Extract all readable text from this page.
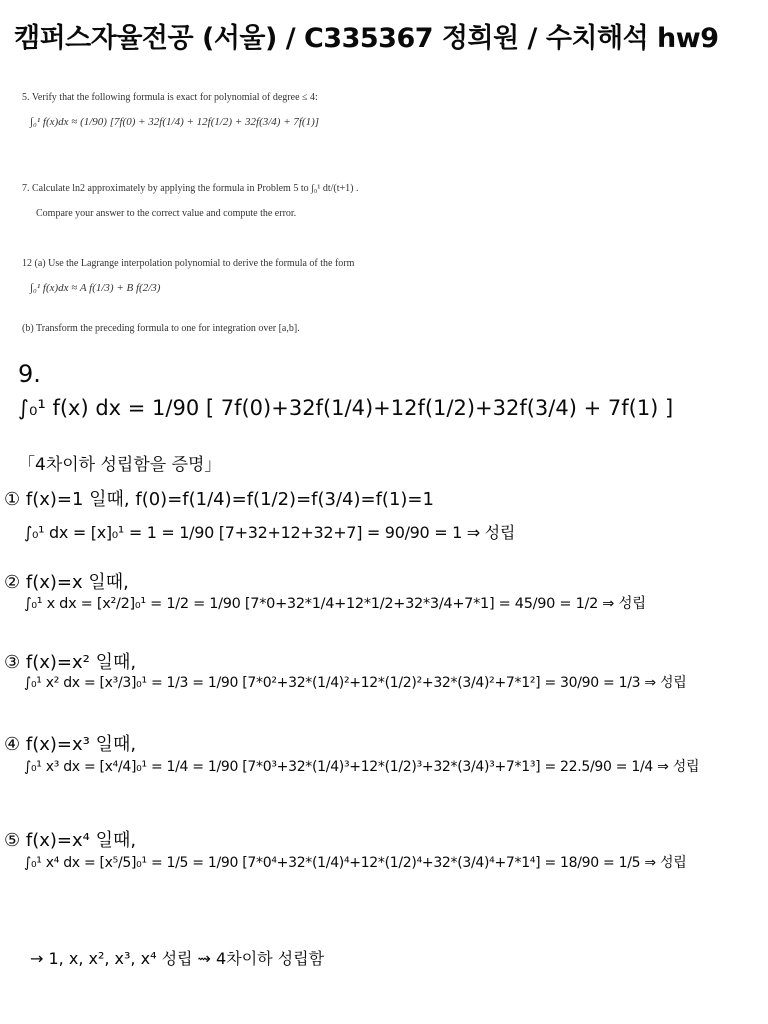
캠퍼스자율전공 (서울) / C335367 정희원 / 수치해석 hw9
5. Verify that the following formula is exact for polynomial of degree ≤ 4:
∫₀¹ f(x)dx ≈ (1/90) [7f(0) + 32f(1/4) + 12f(1/2) + 32f(3/4) + 7f(1)]
7. Calculate ln2 approximately by applying the formula in Problem 5 to ∫₀¹ dt/(t+1) .
Compare your answer to the correct value and compute the error.
12 (a) Use the Lagrange interpolation polynomial to derive the formula of the form
∫₀¹ f(x)dx ≈ A f(1/3) + B f(2/3)
(b) Transform the preceding formula to one for integration over [a,b].
9.
∫₀¹ f(x) dx = 1/90 [ 7f(0)+32f(1/4)+12f(1/2)+32f(3/4) + 7f(1) ]
「4차이하 성립함을 증명」
① f(x)=1 일때, f(0)=f(1/4)=f(1/2)=f(3/4)=f(1)=1
∫₀¹ dx = [x]₀¹ = 1 = 1/90 [7+32+12+32+7] = 90/90 = 1 ⇒ 성립
② f(x)=x 일때,
∫₀¹ x dx = [x²/2]₀¹ = 1/2 = 1/90 [7*0+32*1/4+12*1/2+32*3/4+7*1] = 45/90 = 1/2 ⇒ 성립
③ f(x)=x² 일때,
∫₀¹ x² dx = [x³/3]₀¹ = 1/3 = 1/90 [7*0²+32*(1/4)²+12*(1/2)²+32*(3/4)²+7*1²] = 30/90 = 1/3 ⇒ 성립
④ f(x)=x³ 일때,
∫₀¹ x³ dx = [x⁴/4]₀¹ = 1/4 = 1/90 [7*0³+32*(1/4)³+12*(1/2)³+32*(3/4)³+7*1³] = 22.5/90 = 1/4 ⇒ 성립
⑤ f(x)=x⁴ 일때,
∫₀¹ x⁴ dx = [x⁵/5]₀¹ = 1/5 = 1/90 [7*0⁴+32*(1/4)⁴+12*(1/2)⁴+32*(3/4)⁴+7*1⁴] = 18/90 = 1/5 ⇒ 성립
→ 1, x, x², x³, x⁴ 성립 ⇝ 4차이하 성립함
